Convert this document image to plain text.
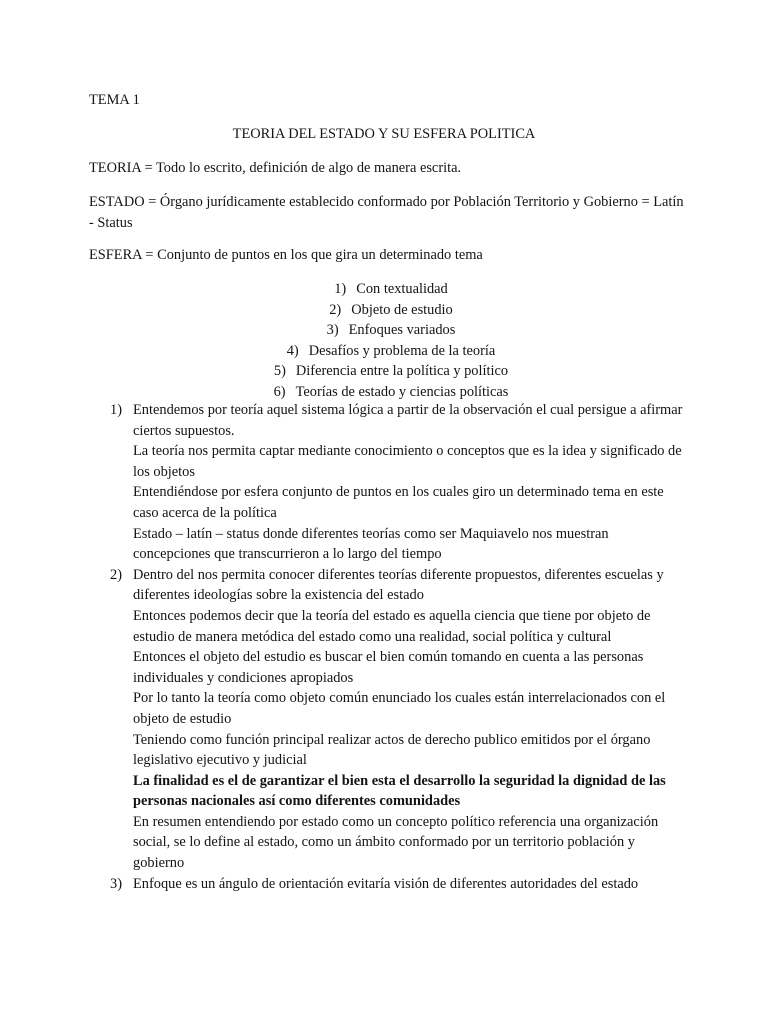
TEMA 1
TEORIA DEL ESTADO Y SU ESFERA POLITICA
TEORIA = Todo lo escrito, definición de algo de manera escrita.
ESTADO = Órgano jurídicamente establecido conformado por Población Territorio y Gobierno = Latín - Status
ESFERA = Conjunto de puntos en los que gira un determinado tema
1) Con textualidad
2) Objeto de estudio
3) Enfoques variados
4) Desafíos y problema de la teoría
5) Diferencia entre la política y político
6) Teorías de estado y ciencias políticas
1) Entendemos por teoría aquel sistema lógica a partir de la observación el cual persigue a afirmar ciertos supuestos.

La teoría nos permita captar mediante conocimiento o conceptos que es la idea y significado de los objetos

Entendiéndose por esfera conjunto de puntos en los cuales giro un determinado tema en este caso acerca de la política

Estado – latín – status donde diferentes teorías como ser Maquiavelo nos muestran concepciones que transcurrieron a lo largo del tiempo

2) Dentro del nos permita conocer diferentes teorías diferente propuestos, diferentes escuelas y diferentes ideologías sobre la existencia del estado

Entonces podemos decir que la teoría del estado es aquella ciencia que tiene por objeto de estudio de manera metódica del estado como una realidad, social política y cultural

Entonces el objeto del estudio es buscar el bien común tomando en cuenta a las personas individuales y condiciones apropiados

Por lo tanto la teoría como objeto común enunciado los cuales están interrelacionados con el objeto de estudio

Teniendo como función principal realizar actos de derecho publico emitidos por el órgano legislativo ejecutivo y judicial

La finalidad es el de garantizar el bien esta el desarrollo la seguridad la dignidad de las personas nacionales así como diferentes comunidades

En resumen entendiendo por estado como un concepto político referencia una organización social, se lo define al estado, como un ámbito conformado por un territorio población y gobierno

3) Enfoque es un ángulo de orientación evitaría visión de diferentes autoridades del estado
